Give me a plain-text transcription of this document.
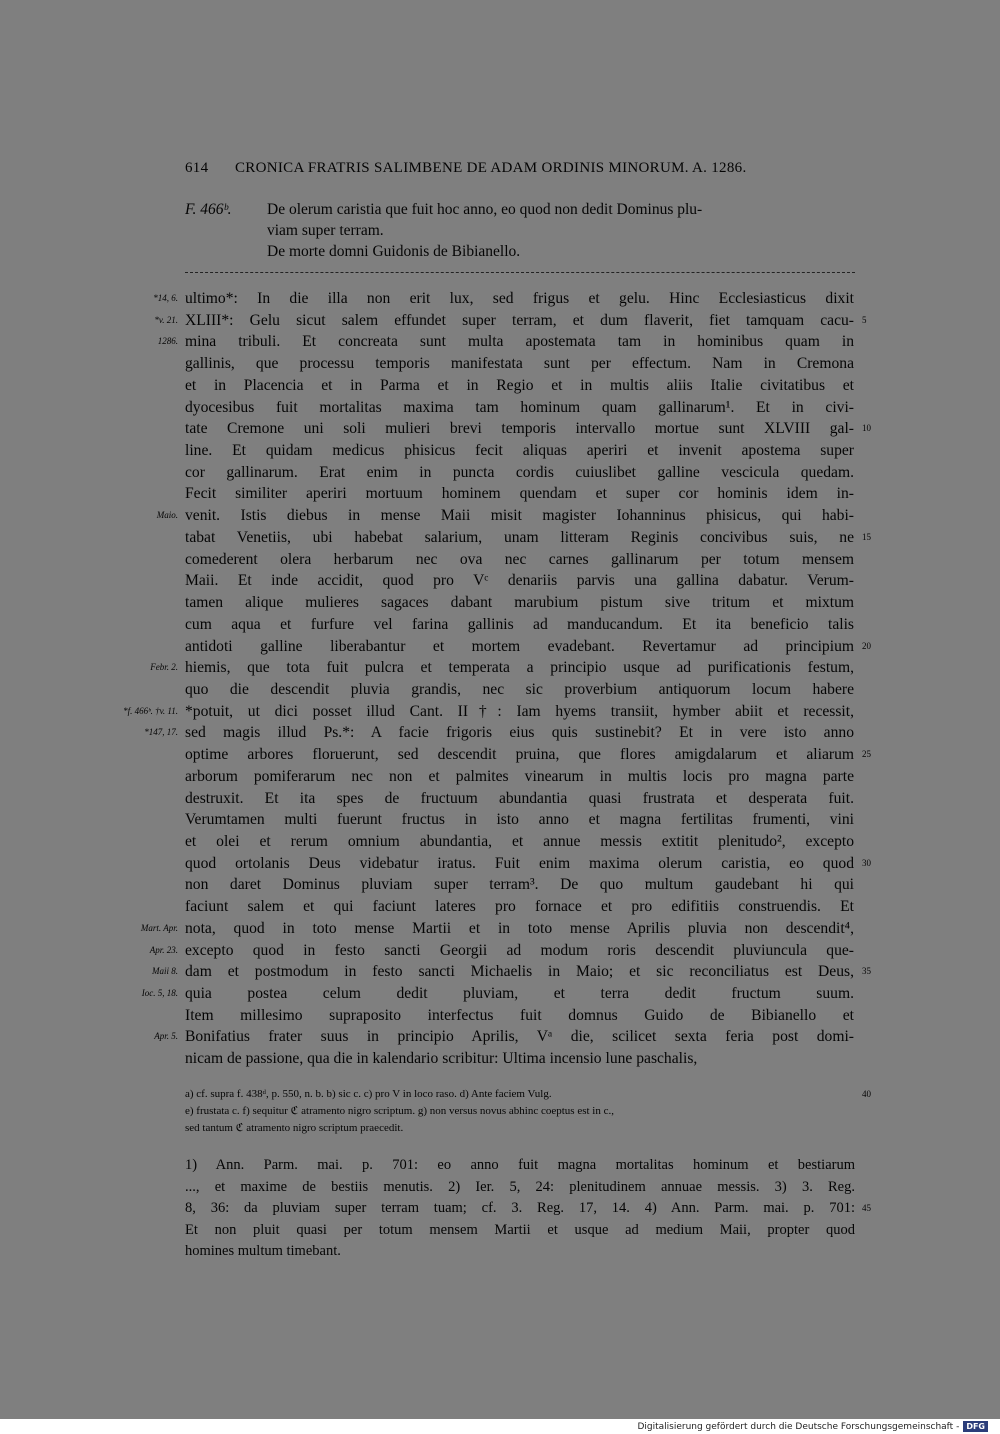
614 CRONICA FRATRIS SALIMBENE DE ADAM ORDINIS MINORUM. A. 1286.
F. 466ᵇ.	De olerum caristia que fuit hoc anno, eo quod non dedit Dominus plu-
viam super terram.
De morte domni Guidonis de Bibianello.
*14, 6. ultimo*: In die illa non erit lux, sed frigus et gelu. Hinc Ecclesiasticus dixit
*v. 21. XLIII*: Gelu sicut salem effundet super terram, et dum flaverit, fiet tamquam cacu- 5
1286. mina tribuli. Et concreata sunt multa apostemata tam in hominibus quam in
gallinis, que processu temporis manifestata sunt per effectum. Nam in Cremona
et in Placencia et in Parma et in Regio et in multis aliis Italie civitatibus et
dyocesibus fuit mortalitas maxima tam hominum quam gallinarum¹. Et in civi-
tate Cremone uni soli mulieri brevi temporis intervallo mortue sunt XLVIII gal- 10
line. Et quidam medicus phisicus fecit aliquas aperiri et invenit apostema super
cor gallinarum. Erat enim in puncta cordis cuiuslibet galline vescicula quedam.
Fecit similiter aperiri mortuum hominem quendam et super cor hominis idem in-
Maio. venit. Istis diebus in mense Maii misit magister Iohanninus phisicus, qui habi-
tabat Venetiis, ubi habebat salarium, unam litteram Reginis concivibus suis, ne 15
comederent olera herbarum nec ova nec carnes gallinarum per totum mensem
Maii. Et inde accidit, quod pro Vᶜ denariis parvis una gallina dabatur. Verum-
tamen alique mulieres sagaces dabant marubium pistum sive tritum et mixtum
cum aqua et furfure vel farina gallinis ad manducandum. Et ita beneficio talis
antidoti galline liberabantur et mortem evadebant. Revertamur ad principium 20
Febr. 2. hiemis, que tota fuit pulcra et temperata a principio usque ad purificationis festum,
quo die descendit pluvia grandis, nec sic proverbium antiquorum locum habere
*f. 466ᵇ. †v. 11. *potuit, ut dici posset illud Cant. II†: Iam hyems transiit, hymber abiit et recessit,
*147, 17. sed magis illud Ps.*: A facie frigoris eius quis sustinebit? Et in vere isto anno
optime arbores floruerunt, sed descendit pruina, que flores amigdalarum et aliarum 25
arborum pomiferarum nec non et palmites vinearum in multis locis pro magna parte
destruxit. Et ita spes de fructuum abundantia quasi frustrata et desperata fuit.
Verumtamen multi fuerunt fructus in isto anno et magna fertilitas frumenti, vini
et olei et rerum omnium abundantia, et annue messis extitit plenitudo², excepto
quod ortolanis Deus videbatur iratus. Fuit enim maxima olerum caristia, eo quod 30
non daret Dominus pluviam super terram³. De quo multum gaudebant hi qui
faciunt salem et qui faciunt lateres pro fornace et pro edifitiis construendis. Et
Mart. Apr. nota, quod in toto mense Martii et in toto mense Aprilis pluvia non descendit⁴,
Apr. 23. excepto quod in festo sancti Georgii ad modum roris descendit pluviuncula que-
Maii 8. dam et postmodum in festo sancti Michaelis in Maio; et sic reconciliatus est Deus, 35
Ioc. 5, 18. quia postea celum dedit pluviam, et terra dedit fructum suum.
Item millesimo supraposito interfectus fuit domnus Guido de Bibianello et
Apr. 5. Bonifatius frater suus in principio Aprilis, Vᵃ die, scilicet sexta feria post domi-
nicam de passione, qua die in kalendario scribitur: Ultima incensio lune paschalis,
a) cf. supra f. 438ᵈ, p. 550, n. b. b) sic c. c) pro V in loco raso. d) Ante faciem Vulg.	40
e) frustata c. f) sequitur ℭ atramento nigro scriptum. g) non versus novus abhinc coeptus est in c.,
sed tantum ℭ atramento nigro scriptum praecedit.
1) Ann. Parm. mai. p. 701: eo anno fuit magna mortalitas hominum et bestiarum
..., et maxime de bestiis menutis. 2) Ier. 5, 24: plenitudinem annuae messis. 3) 3. Reg.
8, 36: da pluviam super terram tuam; cf. 3. Reg. 17, 14. 4) Ann. Parm. mai. p. 701: 45
Et non pluit quasi per totum mensem Martii et usque ad medium Maii, propter quod
homines multum timebant.
Digitalisierung gefördert durch die Deutsche Forschungsgemeinschaft - DFG
